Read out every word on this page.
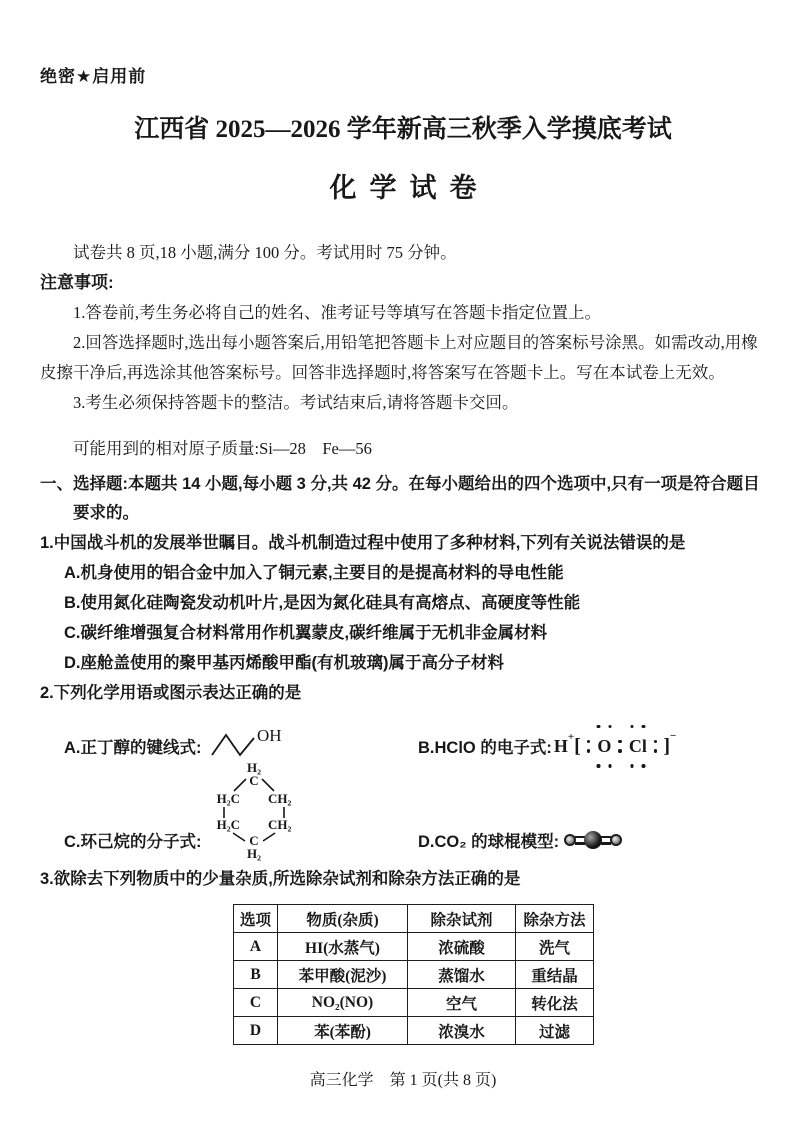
绝密★启用前
江西省 2025—2026 学年新高三秋季入学摸底考试
化学试卷
试卷共 8 页,18 小题,满分 100 分。考试用时 75 分钟。
注意事项:
1.答卷前,考生务必将自己的姓名、准考证号等填写在答题卡指定位置上。
2.回答选择题时,选出每小题答案后,用铅笔把答题卡上对应题目的答案标号涂黑。如需改动,用橡皮擦干净后,再选涂其他答案标号。回答非选择题时,将答案写在答题卡上。写在本试卷上无效。
3.考生必须保持答题卡的整洁。考试结束后,请将答题卡交回。
可能用到的相对原子质量:Si—28　Fe—56
一、选择题:本题共 14 小题,每小题 3 分,共 42 分。在每小题给出的四个选项中,只有一项是符合题目要求的。
1.中国战斗机的发展举世瞩目。战斗机制造过程中使用了多种材料,下列有关说法错误的是
A.机身使用的铝合金中加入了铜元素,主要目的是提高材料的导电性能
B.使用氮化硅陶瓷发动机叶片,是因为氮化硅具有高熔点、高硬度等性能
C.碳纤维增强复合材料常用作机翼蒙皮,碳纤维属于无机非金属材料
D.座舱盖使用的聚甲基丙烯酸甲酯(有机玻璃)属于高分子材料
2.下列化学用语或图示表达正确的是
A.正丁醇的键线式:
OH
B.HClO 的电子式: H+ [ O Cl ]−
H₂
C
H₂C CH₂
H₂C CH₂
C
H₂
C.环己烷的分子式:	D.CO₂ 的球棍模型:
3.欲除去下列物质中的少量杂质,所选除杂试剂和除杂方法正确的是
选项	物质(杂质)	除杂试剂	除杂方法
A	HI(水蒸气)	浓硫酸	洗气
B	苯甲酸(泥沙)	蒸馏水	重结晶
C	NO₂(NO)	空气	转化法
D	苯(苯酚)	浓溴水	过滤
高三化学　第 1 页(共 8 页)
